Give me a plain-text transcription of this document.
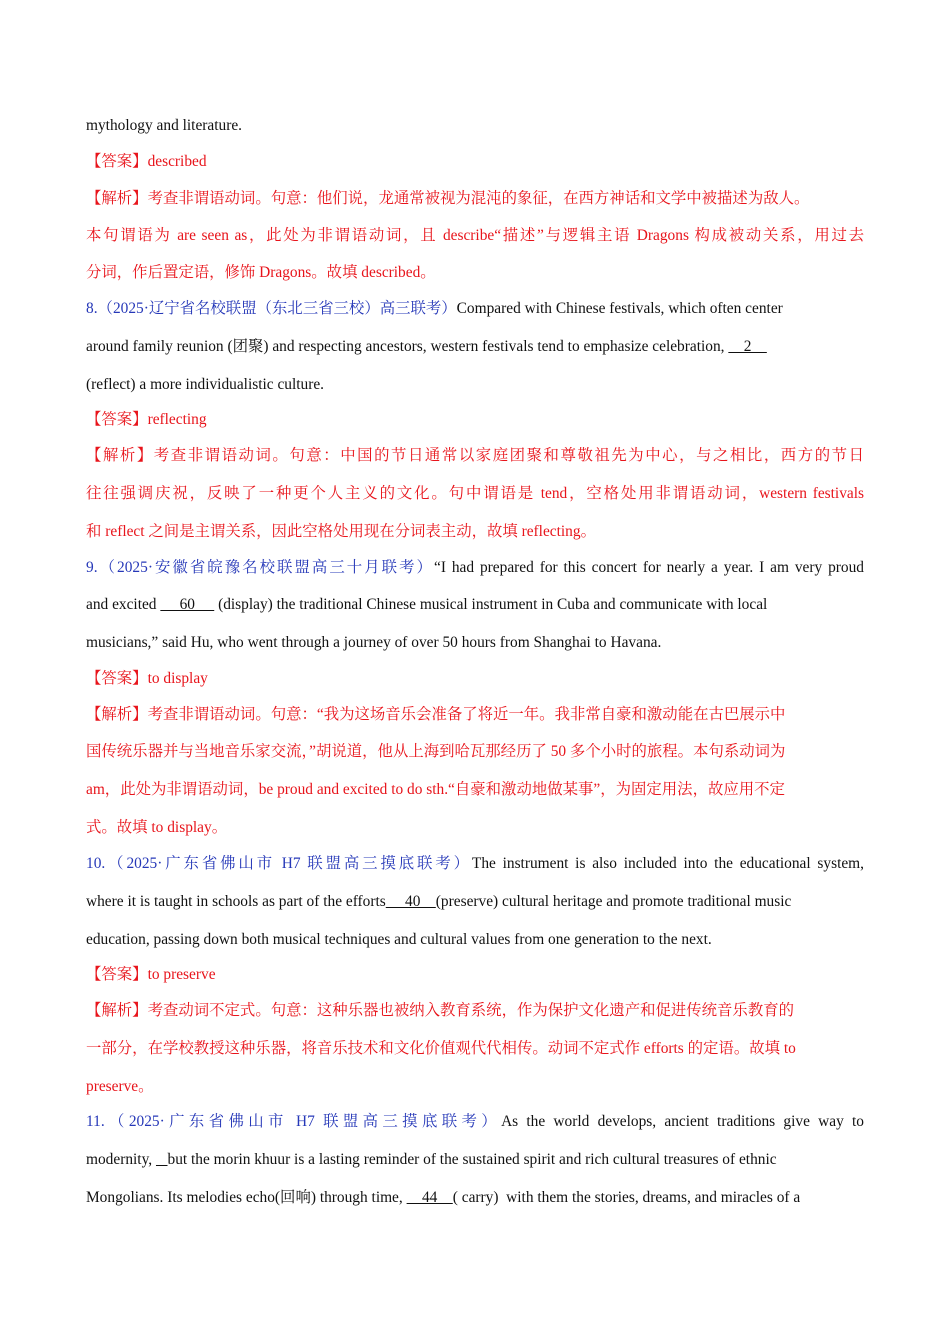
mythology and literature.
【答案】described
【解析】考查非谓语动词。句意：他们说，龙通常被视为混沌的象征，在西方神话和文学中被描述为敌人。
本句谓语为 are seen as，此处为非谓语动词，且 describe“描述”与逻辑主语 Dragons 构成被动关系，用过去
分词，作后置定语，修饰 Dragons。故填 described。
8.（2025·辽宁省名校联盟（东北三省三校）高三联考）Compared with Chinese festivals, which often center
around family reunion (团聚) and respecting ancestors, western festivals tend to emphasize celebration,     2
(reflect) a more individualistic culture.
【答案】reflecting
【解析】考查非谓语动词。句意：中国的节日通常以家庭团聚和尊敬祖先为中心，与之相比，西方的节日
往往强调庆祝，反映了一种更个人主义的文化。句中谓语是 tend，空格处用非谓语动词，western festivals
和 reflect 之间是主谓关系，因此空格处用现在分词表主动，故填 reflecting。
9.（2025·安徽省皖豫名校联盟高三十月联考）“I had prepared for this concert for nearly a year. I am very proud
and excited      60      (display) the traditional Chinese musical instrument in Cuba and communicate with local
musicians,” said Hu, who went through a journey of over 50 hours from Shanghai to Havana.
【答案】to display
【解析】考查非谓语动词。句意：“我为这场音乐会准备了将近一年。我非常自豪和激动能在古巴展示中
国传统乐器并与当地音乐家交流，”胡说道，他从上海到哈瓦那经历了 50 多个小时的旅程。本句系动词为
am，此处为非谓语动词，be proud and excited to do sth.“自豪和激动地做某事”，为固定用法，故应用不定
式。故填 to display。
10.（2025·广东省佛山市 H7 联盟高三摸底联考）The instrument is also included into the educational system,
where it is taught in schools as part of the efforts     40    (preserve) cultural heritage and promote traditional music
education, passing down both musical techniques and cultural values from one generation to the next.
【答案】to preserve
【解析】考查动词不定式。句意：这种乐器也被纳入教育系统，作为保护文化遗产和促进传统音乐教育的
一部分，在学校教授这种乐器，将音乐技术和文化价值观代代相传。动词不定式作 efforts 的定语。故填 to
preserve。
11.（2025·广东省佛山市 H7 联盟高三摸底联考）As the world develops, ancient traditions give way to
modernity,    but the morin khuur is a lasting reminder of the sustained spirit and rich cultural treasures of ethnic
Mongolians. Its melodies echo(回响) through time,     44    ( carry)  with them the stories, dreams, and miracles of a
